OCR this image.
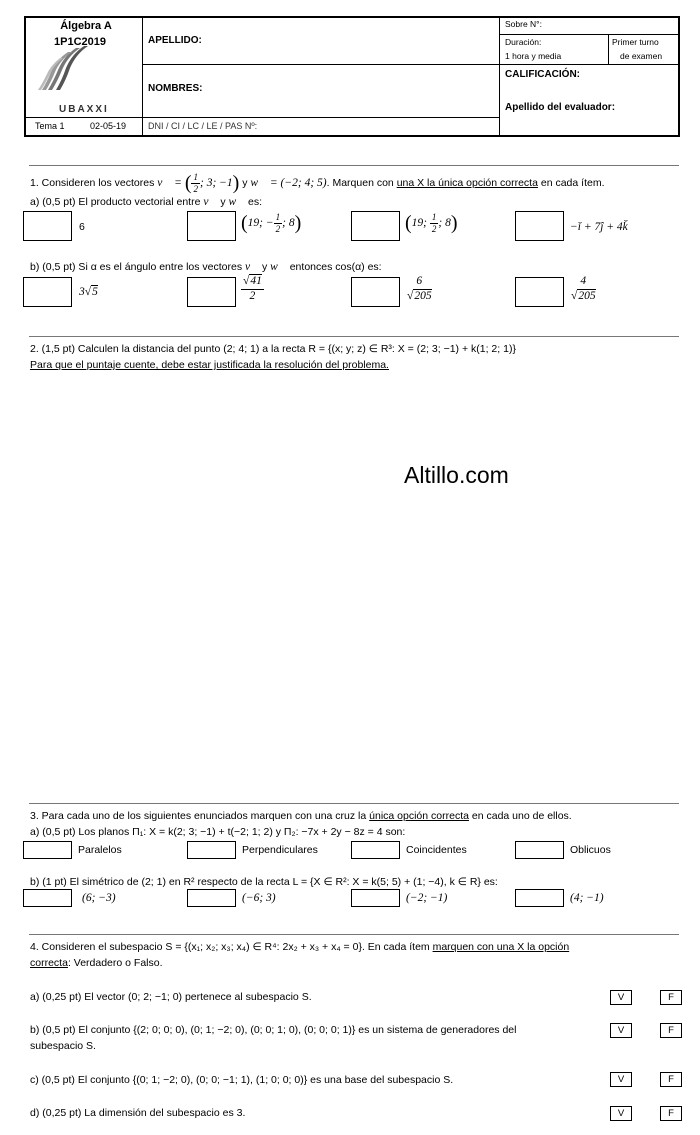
Álgebra A
1P1C2019
UBAXXI
Tema 1	02-05-19
APELLIDO:
NOMBRES:
DNI / CI / LC / LE / PAS Nº:
Sobre N°:
Duración:
1 hora y media
Primer turno
de examen
CALIFICACIÓN:
Apellido del evaluador:
1. Consideren los vectores v⃗ = ( $\frac{1}{2}$ ; 3; −1) y w⃗ = (−2; 4; 5). Marquen con una X la única opción correcta en cada ítem.
a) (0,5 pt) El producto vectorial entre v⃗ y w⃗ es:
6	(19; − $\frac{1}{2}$ ; 8)	(19; $\frac{1}{2}$ ; 8)	−ĭ + 7ĵ + 4k̆
b) (0,5 pt) Si α es el ángulo entre los vectores v⃗ y w⃗ entonces cos(α) es:
3√5	$\frac{√41}{2}$	$\frac{6}{√205}$	$\frac{4}{√205}$
2. (1,5 pt) Calculen la distancia del punto (2; 4; 1) a la recta R = {(x; y; z) ∈ R³: X = (2; 3; −1) + k(1; 2; 1)}
Para que el puntaje cuente, debe estar justificada la resolución del problema.
Altillo.com
3. Para cada uno de los siguientes enunciados marquen con una cruz la única opción correcta en cada uno de ellos.
a) (0,5 pt) Los planos Π₁: X = k(2; 3; −1) + t(−2; 1; 2) y Π₂: −7x + 2y − 8z = 4 son:
Paralelos	Perpendiculares	Coincidentes	Oblicuos
b) (1 pt) El simétrico de (2; 1) en R² respecto de la recta L = {X ∈ R²: X = k(5; 5) + (1; −4), k ∈ R} es:
(6; −3)	(−6; 3)	(−2; −1)	(4; −1)
4. Consideren el subespacio S = {(x₁; x₂; x₃; x₄) ∈ R⁴: 2x₂ + x₃ + x₄ = 0}. En cada ítem marquen con una X la opción
correcta: Verdadero o Falso.
a) (0,25 pt) El vector (0; 2; −1; 0) pertenece al subespacio S.	V	F
b) (0,5 pt) El conjunto {(2; 0; 0; 0), (0; 1; −2; 0), (0; 0; 1; 0), (0; 0; 0; 1)} es un sistema de generadores del
subespacio S.
V	F
c) (0,5 pt) El conjunto {(0; 1; −2; 0), (0; 0; −1; 1), (1; 0; 0; 0)} es una base del subespacio S.	V	F
d) (0,25 pt) La dimensión del subespacio es 3.	V	F
